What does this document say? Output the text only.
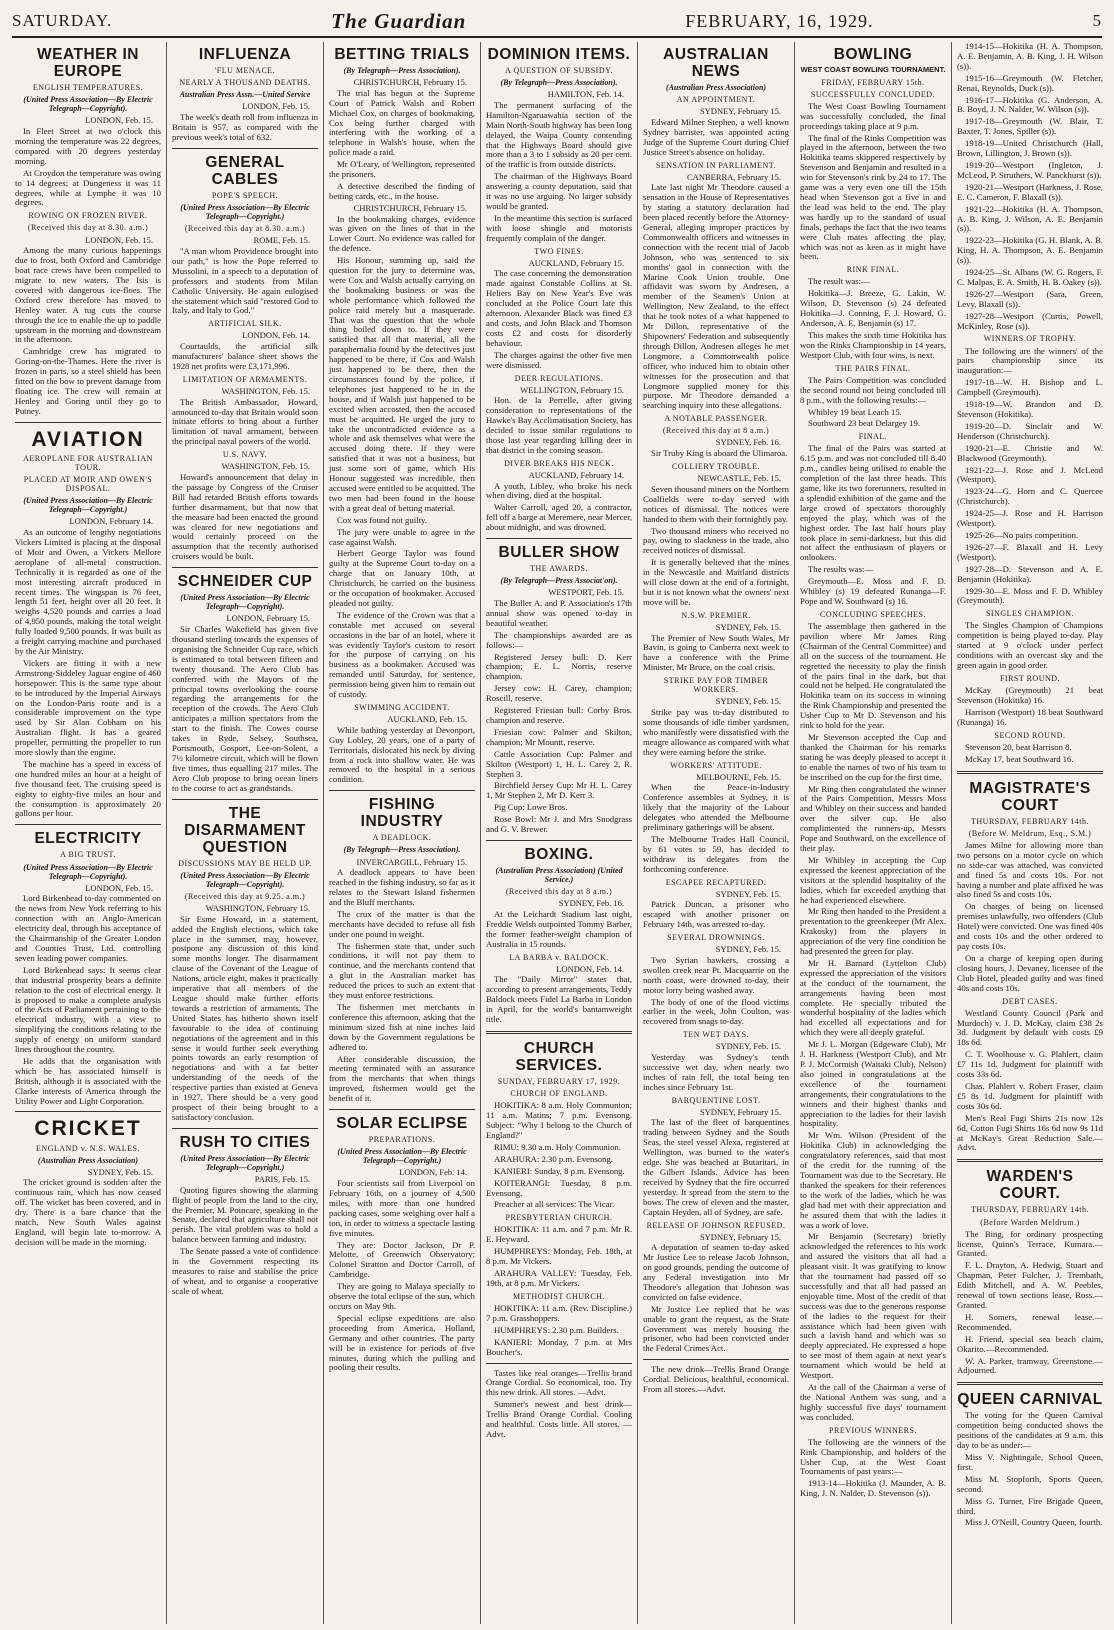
SATURDAY.	The Guardian	FEBRUARY, 16, 1929.	5
WEATHER IN EUROPE
ENGLISH TEMPERATURES.
(United Press Association—By Electric Telegraph—Copyright).
LONDON, Feb. 15.

In Fleet Street at two o'clock this morning the temperature was 22 degrees, compared with 20 degrees yesterday morning.

At Croydon the temperature was owing to 14 degrees; at Dungeness it was 11 degrees, while at Lymphe it was 10 degrees.

ROWING ON FROZEN RIVER.
(Received this day at 8.30. a.m.)
LONDON, Feb. 15.

Among the many curious happenings due to frost, both Oxford and Cambridge boat race crews have been compelled to migrate to new waters. The Isis is covered with dangerous ice-floes. The Oxford crew therefore has moved to Henley water. A tug cuts the course through the ice to enable the up to paddle upstream in the morning and downstream in the afternoon.

Cambridge crew has migrated to Goring-on-the-Thames. Here the river is frozen in parts, so a steel shield has been fitted on the bow to prevent damage from floating ice. The crew will remain at Henley and Goring until they go to Putney.

AVIATION
AEROPLANE FOR AUSTRALIAN TOUR.
PLACED AT MOIR AND OWEN'S DISPOSAL.
(United Press Association—By Electric Telegraph—Copyright.)
LONDON, February 14.

As an outcome of lengthy negotiations Vickers Limited is placing at the disposal of Moir and Owen, a Vickers Mellore aeroplane of all-metal construction. Technically it is regarded as one of the most interesting aircraft produced in recent times. The wingspan is 76 feet, length 51 feet, height over all 20 feet. It weighs 4,520 pounds and carries a load of 4,950 pounds, making the total weight fully loaded 9,500 pounds. It was built as a freight carrying machine and purchased by the Air Ministry.

Vickers are fitting it with a new Armstrong-Siddeley Jaguar engine of 460 horsepower. This is the same type about to be introduced by the Imperial Airways on the London-Paris route and is a considerable improvement on the type used by Sir Alan Cobham on his Australian flight. It has a geared propeller, permitting the propeller to run more slowly than the engine.

The machine has a speed in excess of one hundred miles an hour at a height of five thousand feet. The cruising speed is eighty to eighty-five miles an hour and the consumption is approximately 20 gallons per hour.

ELECTRICITY
A BIG TRUST.
(United Press Association—By Electric Telegraph—Copyright).
LONDON, Feb. 15.

Lord Birkenhead to-day commented on the news from New York referring to his connection with an Anglo-American electricity deal, through his acceptance of the Chairmanship of the Greater London and Counties Trust, Ltd. controlling seven leading power companies.

Lord Birkenhead says: It seems clear that industrial prosperity bears a definite relation to the cost of electrical energy. It is proposed to make a complete analysis of the Acts of Parliament pertaining to the electrical industry, with a view to simplifying the conditions relating to the supply of energy on uniform standard lines throughout the country.

He adds that the organisation with which he has associated himself is British, although it is associated with the Clarke interests of America through the Utility Power and Light Corporation.

CRICKET
ENGLAND v. N.S. WALES.
(Australian Press Association)
SYDNEY, Feb. 15.

The cricket ground is sodden after the continuous rain, which has now ceased off. The wicket has been covered, and in dry. There is a bare chance that the match, New South Wales against England, will begin late to-morrow. A decision will be made in the morning.

INFLUENZA
'FLU MENACE.
NEARLY A THOUSAND DEATHS.
Australian Press Assn.—United Service
LONDON, Feb. 15.

The week's death roll from influenza in Britain is 957, as compared with the previous week's total of 632.

GENERAL CABLES
POPE'S SPEECH.
(United Press Association—By Electric Telegraph—Copyright.)
(Received this day at 8.30. a.m.)
ROME, Feb. 15.

"A man whom Providence brought into our path," is how the Pope referred to Mussolini, in a speech to a deputation of professors and students from Milan Catholic University. He again eulogised the statement which said "restored God to Italy, and Italy to God."

ARTIFICIAL SILK.
LONDON, Feb. 14.

Courtaulds, the artificial silk manufacturers' balance sheet shows the 1928 net profits were £3,171,996.

LIMITATION OF ARMAMENTS.
WASHINGTON, Feb. 15.

The British Ambassador, Howard, announced to-day that Britain would soon initiate efforts to bring about a further limitation of naval armament, between the principal naval powers of the world.

U.S. NAVY.
WASHINGTON, Feb. 15.

Howard's announcement that delay in the passage by Congress of the Cruiser Bill had retarded British efforts towards further disarmament, but that now that the measure had been enacted the ground was cleared for new negotiations and would certainly proceed on the assumption that the recently authorised cruisers would be built.

SCHNEIDER CUP
(United Press Association—By Electric Telegraph—Copyright).
LONDON, February 15.

Sir Charles Wakefield has given five thousand sterling towards the expenses of organising the Schneider Cup race, which is estimated to total between fifteen and twenty thousand. The Aero Club has conferred with the Mayors of the principal towns overlooking the course regarding the arrangements for the reception of the crowds. The Aero Club anticipates a million spectators from the start to the finish. The Cowes course takes in Ryde, Selsey, Southsea, Portsmouth, Gosport, Lee-on-Solent, a 7½ kilometre circuit, which will be flown five times, thus equalling 217 miles. The Aero Club propose to bring ocean liners to the course to act as grandstands.

THE DISARMAMENT QUESTION
DISCUSSIONS MAY BE HELD UP.
(United Press Association—By Electric Telegraph—Copyright).
(Received this day at 9.25. a.m.)
WASHINGTON, February 15.

Sir Esme Howard, in a statement, added the English elections, which take place in the summer, may, however, postpone any discussion of this kind some months longer. The disarmament clause of the Covenant of the League of Nations, article eight, makes it practically imperative that all members of the League should make further efforts towards a restriction of armaments. The United States has hitherto shown itself favourable to the idea of continuing negotiations of the agreement and in this sense it would further seek everything points towards an early resumption of negotiations and with a far better understanding of the needs of the respective parties than existed at Geneva in 1927. There should be a very good prospect of their being brought to a satisfactory conclusion.

RUSH TO CITIES
(United Press Association—By Electric Telegraph—Copyright.)
PARIS, Feb. 15.

Quoting figures showing the alarming flight of people from the land to the city, the Premier, M. Poincare, speaking in the Senate, declared that agriculture shall not perish. The vital problem was to hold a balance between farming and industry.

The Senate passed a vote of confidence in the Government respecting its measures to raise and stabilise the price of wheat, and to organise a cooperative scale of wheat.

BETTING TRIALS
(By Telegraph—Press Association).
CHRISTCHURCH, February 15.

The trial has begun at the Supreme Court of Patrick Walsh and Robert Michael Cox, on charges of bookmaking, Cox being further charged with interfering with the working of a telephone in Walsh's house, when the police made a raid.

Mr O'Leary, of Wellington, represented the prisoners.

A detective described the finding of betting cards, etc., in the house.

CHRISTCHURCH, February 15.

In the bookmaking charges, evidence was given on the lines of that in the Lower Court. No evidence was called for the defence.

His Honour, summing up, said the question for the jury to determine was, were Cox and Walsh actually carrying on the bookmaking business or was the whole performance which followed the police raid merely but a masquerade. That was the question that the whole thing boiled down to. If they were satisfied that all that material, all the paraphernalia found by the detectives just happened to be there, if Cox and Walsh just happened to be there, then the circumstances found by the police, if telephones just happened to be in the house, and if Walsh just happened to be excited when accosted, then the accused must be acquitted. He urged the jury to take the uncontradicted evidence as a whole and ask themselves what were the accused doing there. If they were satisfied that it was not a business, but just some sort of game, which His Honour suggested was incredible, then accused were entitled to be acquitted. The two men had been found in the house with a great deal of betting material.

Cox was found not guilty.

The jury were unable to agree in the case against Walsh.

Herbert George Taylor was found guilty at the Supreme Court to-day on a charge that on January 10th, at Christchurch, he carried on the business or the occupation of bookmaker. Accused pleaded not guilty.

The evidence of the Crown was that a constable met accused on several occasions in the bar of an hotel, where it was evidently Taylor's custom to resort for the purpose of carrying on his business as a bookmaker. Accused was remanded until Saturday, for sentence, permission being given him to remain out of custody.

SWIMMING ACCIDENT.
AUCKLAND, Feb. 15.

While bathing yesterday at Devonport, Guy Lobley, 20 years, one of a party of Territorials, dislocated his neck by diving from a rock into shallow water. He was removed to the hospital in a serious condition.

FISHING INDUSTRY
A DEADLOCK.
(By Telegraph—Press Association).
INVERCARGILL, February 15.

A deadlock appears to have been reached in the fishing industry, so far as it relates to the Stewart Island fishermen and the Bluff merchants.

The crux of the matter is that the merchants have decided to refuse all fish under one pound in weight.

The fishermen state that, under such conditions, it will not pay them to continue, and the merchants contend that a glut in the Australian market has reduced the prices to such an extent that they must enforce restrictions.

The fishermen met merchants in conference this afternoon, asking that the minimum sized fish at nine inches laid down by the Government regulations be adhered to.

After considerable discussion, the meeting terminated with an assurance from the merchants that when things improved, fishermen would get the benefit of it.

SOLAR ECLIPSE
PREPARATIONS.
(United Press Association—By Electric Telegraph—Copyright.)
LONDON, Feb. 14.

Four scientists sail from Liverpool on February 16th, on a journey of 4,500 miles, with more than one hundred packing cases, some weighing over half a ton, in order to witness a spectacle lasting five minutes.

They are: Doctor Jackson, Dr P. Melotte, of Greenwich Observatory; Colonel Stratton and Doctor Carroll, of Cambridge.

They are going to Malaya specially to observe the total eclipse of the sun, which occurs on May 9th.

Special eclipse expeditions are also proceeding from America, Holland, Germany and other countries. The party will be in existence for periods of five minutes, during which the pulling and pooling their results.

DOMINION ITEMS.
A QUESTION OF SUBSIDY.
(By Telegraph—Press Association).
HAMILTON, Feb. 14.

The permanent surfacing of the Hamilton-Ngaruawahia section of the Main North-South highway has been long delayed, the Waipa County contending that the Highways Board should give more than a 3 to 1 subsidy as 20 per cent. of the traffic is from outside districts.

The chairman of the Highways Board answering a county deputation, said that it was no use arguing. No larger subsidy would be granted.

In the meantime this section is surfaced with loose shingle and motorists frequently complain of the danger.

TWO FINES.
AUCKLAND, February 15.

The case concerning the demonstration made against Constable Collins at St. Heliers Bay on New Year's Eve was concluded at the Police Court late this afternoon. Alexander Black was fined £3 and costs, and John Black and Thomson costs £2 and costs for disorderly behaviour.

The charges against the other five men were dismissed.

DEER REGULATIONS.
WELLINGTON, February 15.

Hon. de la Perrelle, after giving consideration to representations of the Hawke's Bay Acclimatisation Society, has decided to issue similar regulations to those last year regarding killing deer in that district in the coming season.

DIVER BREAKS HIS NECK.
AUCKLAND, February 14.

A youth, Libley, who broke his neck when diving, died at the hospital.

Walter Carroll, aged 20, a contractor, fell off a barge at Meremere, near Mercer, about midnight, and was drowned.

BULLER SHOW
THE AWARDS.
(By Telegraph—Press Associat'on).
WESTPORT, Feb. 15.

The Buller A. and P. Association's 17th annual show was opened to-day in beautiful weather.

The championships awarded are as follows:—

Registered Jersey bull: D. Kerr champion; E. L. Norris, reserve champion.

Jersey cow: H. Carey, champion; Roscill, reserve.

Registered Friesian bull: Corby Bros. champion and reserve.

Friesian cow: Palmer and Skilton, champion; Mr Mountt, reserve.

Cattle Association Cup: Palmer and Skilton (Westport) 1, H. L. Carey 2, R. Stephen 3.

Birchfield Jersey Cup: Mr H. L. Carey 1, Mr Stephen 2, Mr D. Kerr 3.

Pig Cup: Lowe Bros.

Rose Bowl: Mr J. and Mrs Snodgrass and G. V. Brewer.

BOXING.
(Australian Press Association) (United Service.)
(Received this day at 8 a.m.)
SYDNEY, Feb. 16.

At the Leichardt Stadium last night, Freddie Welsh outpointed Tommy Barber, the former feather-weight champion of Australia in 15 rounds.

LA BARBA v. BALDOCK.
LONDON, Feb. 14.

The "Daily Mirror" states that, according to present arrangements, Teddy Baldock meets Fidel La Barba in London in April, for the world's bantamweight title.

CHURCH SERVICES.
SUNDAY, FEBRUARY 17, 1929.
CHURCH OF ENGLAND.

HOKITIKA: 8 a.m. Holy Communion; 11 a.m. Matins; 7 p.m. Evensong. Subject: "Why I belong to the Church of England?"

RIMU: 9.30 a.m. Holy Communion.

ARAHURA: 2.30 p.m. Evensong.

KANIERI: Sunday, 8 p.m. Evensong.

KOITERANGI: Tuesday, 8 p.m. Evensong.

Preacher at all services: The Vicar.

PRESBYTERIAN CHURCH.

HOKITIKA: 11 a.m. and 7 p.m. Mr R. E. Heyward.

HUMPHREYS: Monday, Feb. 18th, at 8 p.m. Mr Vickers.

ARAHURA VALLEY: Tuesday, Feb. 19th, at 8 p.m. Mr Vickers.

METHODIST CHURCH.

HOKITIKA: 11 a.m. (Rev. Discipline.) 7 p.m. Grasshoppers.

HUMPHREYS: 2.30 p.m. Builders.

KANIERI: Monday, 7 p.m. at Mrs Boucher's.

Tastes like real oranges—Trellis brand Orange Cordial. So economical, too. Try this new drink. All stores. —Advt.

Summer's newest and best drink—Trellis Brand Orange Cordial. Cooling and healthful. Costs little. All stores. —Advt.

AUSTRALIAN NEWS
(Australian Press Association)
AN APPOINTMENT.
SYDNEY, February 15.

Edward Milner Stephen, a well known Sydney barrister, was appointed acting Judge of the Supreme Court during Chief Justice Street's absence on holiday.

SENSATION IN PARLIAMENT.
CANBERRA, February 15.

Late last night Mr Theodore caused a sensation in the House of Representatives by stating a statutory declaration had been placed recently before the Attorney-General, alleging improper practices by Commonwealth officers and witnesses in connection with the recent trial of Jacob Johnson, who was sentenced to six months' gaol in connection with the Marine Cook Union trouble. One affidavit was sworn by Andresen, a member of the Seamen's Union at Wellington, New Zealand, to the effect that he took notes of a what happened to Mr Dillon, representative of the Shipowners' Federation and subsequently through Dillon, Andresen alleges he met Longmore, a Commonwealth police officer, who induced him to obtain other witnesses for the prosecution and that Longmore supplied money for this purpose. Mr Theodore demanded a searching inquiry into these allegations.

A NOTABLE PASSENGER.
(Received this day at 8 a.m.)
SYDNEY, Feb. 16.

Sir Truby King is aboard the Ulimaroa.

COLLIERY TROUBLE.
NEWCASTLE, Feb. 15.

Seven thousand miners on the Northern Coalfields were to-day served with notices of dismissal. The notices were handed to them with their fortnightly pay.

Two thousand miners who received no pay, owing to slackness in the trade, also received notices of dismissal.

It is generally believed that the mines in the Newcastle and Maitland districts will close down at the end of a fortnight, but it is not known what the owners' next move will be.

N.S.W. PREMIER.
SYDNEY, Feb. 15.

The Premier of New South Wales, Mr Bavin, is going to Canberra next week to have a conference with the Prime Minister, Mr Bruce, on the coal crisis.

STRIKE PAY FOR TIMBER WORKERS.
SYDNEY, Feb. 15.

Strike pay was to-day distributed to some thousands of idle timber yardsmen, who manifestly were dissatisfied with the meagre allowance as compared with what they were earning before the strike.

WORKERS' ATTITUDE.
MELBOURNE, Feb. 15.

When the Peace-in-Industry Conference assembles at Sydney, it is likely that the majority of the Labour delegates who attended the Melbourne preliminary gatherings will be absent.

The Melbourne Trades Hall Council, by 61 votes to 59, has decided to withdraw its delegates from the forthcoming conference.

ESCAPEE RECAPTURED.
SYDNEY, Feb. 15.

Patrick Duncan, a prisoner who escaped with another prisoner on February 14th, was arrested to-day.

SEVERAL DROWNINGS.
SYDNEY, Feb. 15.

Two Syrian hawkers, crossing a swollen creek near Pt. Macquarrie on the north coast, were drowned to-day, their motor lorry being washed away.

The body of one of the flood victims earlier in the week, John Coulton, was recovered from snags to-day.

TEN WET DAYS.
SYDNEY, Feb. 15.

Yesterday was Sydney's tenth successive wet day, when nearly two inches of rain fell, the total being ten inches since February 1st.

BARQUENTINE LOST.
SYDNEY, February 15.

The last of the fleet of barquentines trading between Sydney and the South Seas, the steel vessel Alexa, registered at Wellington, was burned to the water's edge. She was beached at Butaritari, in the Gilbert Islands. Advice has been received by Sydney that the fire occurred yesterday. It spread from the stern to the bows. The crew of eleven and the master, Captain Heyden, all of Sydney, are safe.

RELEASE OF JOHNSON REFUSED.
SYDNEY, February 15.

A deputation of seamen to-day asked Mr Justice Lee to release Jacob Johnson, on good grounds, pending the outcome of any Federal investigation into Mr Theodore's allegation that Johnson was convicted on false evidence.

Mr Justice Lee replied that he was unable to grant the request, as the State Government was merely housing the prisoner, who had been convicted under the Federal Crimes Act.

The new drink—Trellis Brand Orange Cordial. Delicious, healthful, economical. From all stores.—Advt.

BOWLING
WEST COAST BOWLING TOURNAMENT.
FRIDAY, FEBRUARY 15th.
SUCCESSFULLY CONCLUDED.

The West Coast Bowling Tournament was successfully concluded, the final proceedings taking place at 9 p.m.

The final of the Rinks Competition was played in the afternoon, between the two Hokitika teams skippered respectively by Stevenson and Benjamin and resulted in a win for Stevenson's rink by 24 to 17. The game was a very even one till the 15th head when Stevenson got a five in and the lead was held to the end. The play was hardly up to the standard of usual finals, perhaps the fact that the two teams were Club mates affecting the play, which was not as keen as it might have been.

RINK FINAL.

The result was:—

Hokitika—J. Breeze, G. Lakin, W. Wilson, D. Stevenson (s) 24 defeated Hokitika—J. Conning, F. J. Howard, G. Anderson, A. E. Benjamin (s) 17.

This makes the sixth time Hokitika has won the Rinks Championship in 14 years, Westport Club, with four wins, is next.

THE PAIRS FINAL.

The Pairs Competition was concluded the second round not being concluded till 8 p.m., with the following results:—

Whibley 19 beat Leach 15.

Southward 23 beat Delargey 19.

FINAL.

The final of the Pairs was started at 6.15 p.m. and was not concluded till 8.40 p.m., candles being utilised to enable the completion of the last three heads. This game, like its two forerunners, resulted in a splendid exhibition of the game and the large crowd of spectators thoroughly enjoyed the play, which was of the highest order. The last half hours play took place in semi-darkness, but this did not affect the enthusiasm of players or onlookers.

The results was:—

Greymouth—E. Moss and F. D. Whibley (s) 19 defeated Runanga—F. Pope and W. Southward (s) 16.

CONCLUDING SPEECHES.

The assemblage then gathered in the pavilion where Mr James Ring (Chairman of the Central Committee) and all on the success of the tournament. He regretted the necessity to play the finish of the pairs final in the dark, but that could not be helped. He congratulated the Hokitika team on its success in winning the Rink Championship and presented the Usher Cup to Mr D. Stevenson and his rink to hold for the year.

Mr Stevenson accepted the Cup and thanked the Chairman for his remarks stating he was deeply pleased to accept it to enable the names of two of his team to be inscribed on the cup for the first time.

Mr Ring then congratulated the winner of the Pairs Competition, Messrs Moss and Whibley on their success and handed over the silver cup. He also complimented the runners-up, Messrs Pope and Southward, on the excellence of their play.

Mr Whibley in accepting the Cup expressed the keenest appreciation of the visitors at the splendid hospitality of the ladies, which far exceeded anything that he had experienced elsewhere.

Mr Ring then handed to the President a presentation to the greenkeeper (Mr Alex. Krakosky) from the players in appreciation of the very fine condition he had presented the green for play.

Mr H. Barnard (Lyttelton Club) expressed the appreciation of the visitors at the conduct of the tournament, the arrangements having been most complete. He specially tributed the wonderful hospitality of the ladies which had excelled all expectations and for which they were all deeply grateful.

Mr J. L. Morgan (Edgeware Club), Mr J. H. Harkness (Westport Club), and Mr P. J. McCormish (Waitaki Club), Nelson) also joined in congratulations at the excellence of the tournament arrangements, their congratulations to the winners and their highest thanks and appreciation to the ladies for their lavish hospitality.

Mr Wm. Wilson (President of the Hokitika Club) in acknowledging the congratulatory references, said that most of the credit for the running of the Tournament was due to the Secretary. He thanked the speakers for their references to the work of the ladies, which he was glad had met with their appreciation and he assured them that with the ladies it was a work of love.

Mr Benjamin (Secretary) briefly acknowledged the references to his work and assured the visitors that all had a pleasant visit. It was gratifying to know that the tournament had passed off so successfully and that all had passed an enjoyable time. Most of the credit of that success was due to the generous response of the ladies to the request for their assistance which had been given with such a lavish hand and which was so deeply appreciated. He expressed a hope to see most of them again at next year's tournament which would be held at Westport.

At the call of the Chairman a verse of the National Anthem was sung, and a highly successful five days' tournament was concluded.

PREVIOUS WINNERS.

The following are the winners of the Rink Championship, and holders of the Usher Cup, at the West Coast Tournaments of past years:—

1913-14—Hokitika (J. Maunder, A. B. King, J. N. Nalder, D. Stevenson (s)).

1914-15—Hokitika (H. A. Thompson, A. E. Benjamin, A. B. King, J. H. Wilson (s)).

1915-16—Greymouth (W. Fletcher, Renai, Reynolds, Duck (s)).

1916-17—Hokitika (G. Anderson, A. B. Boyd, J. N. Nalder, W. Wilson (s)).

1917-18—Greymouth (W. Blair, T. Baxter, T. Jones, Spiller (s)).

1918-19—United Christchurch (Hall, Brown, Lillington, J. Brown (s)).

1919-20—Westport (Ingleton, J. McLeod, P. Struthers, W. Panckhurst (s)).

1920-21—Westport (Harkness, J. Rose, E. C. Cameron, F. Blaxall (s)).

1921-22—Hokitika (H. A. Thompson, A. B. King, J. Wilson, A. E. Benjamin (s)).

1922-23—Hokitika (G. H. Blank, A. B. King, H. A. Thompson, A. E. Benjamin (s)).

1924-25—St. Albans (W. G. Rogers, F. C. Malpas, E. A. Smith, H. B. Oakey (s)).

1926-27—Westport (Sara, Green, Levy, Blaxall (s)).

1927-28—Westport (Curtis, Powell, McKinley, Rose (s)).

WINNERS OF TROPHY.

The following are the winners' of the pairs championship since its inauguration:—

1917-18—W. H. Bishop and L. Campbell (Greymouth).

1918-19—W. Brandon and D. Stevenson (Hokitika).

1919-20—D. Sinclair and W. Henderson (Christchurch).

1920-21—E. Christie and W. Blackwood (Greymouth).

1921-22—J. Rose and J. McLeod (Westport).

1923-24—G. Horn and C. Quercee (Christchurch).

1924-25—J. Rose and H. Harrison (Westport).

1925-26—No pairs competition.

1926-27—F. Blaxall and H. Levy (Westport).

1927-28—D. Stevenson and A. E. Benjamin (Hokitika).

1929-30—E. Moss and F. D. Whibley (Greymouth).

SINGLES CHAMPION.

The Singles Champion of Champions competition is being played to-day. Play started at 9 o'clock under perfect conditions with an overcast sky and the green again in good order.

FIRST ROUND.

McKay (Greymouth) 21 beat Stevenson (Hokitika) 16.

Harrison (Westport) 18 beat Southward (Runanga) 16.

SECOND ROUND.

Stevenson 20, beat Harrison 8.

McKay 17, beat Southward 16.

MAGISTRATE'S COURT
THURSDAY, FEBRUARY 14th.
(Before W. Meldrum, Esq., S.M.)

James Milne for allowing more than two persons on a motor cycle on which no side-car was attached, was convicted and fined 5s and costs 10s. For not having a number and plate affixed he was also fined 5s and costs 10s.

On charges of being on licensed premises unlawfully, two offenders (Club Hotel) were convicted. One was fined 40s and costs 10s and the other ordered to pay costs 10s.

On a charge of keeping open during closing hours, J. Devaney, licensee of the Club Hotel, pleaded guilty and was fined 40s and costs 10s.

DEBT CASES.

Westland County Council (Park and Murdoch) v. J. D. McKay, claim £38 2s 3d. Judgment by default with costs £9 18s 6d.

C. T. Woolhouse v. G. Plahlert, claim £7 11s 1d. Judgment for plaintiff with costs 33s 6d.

Chas. Plahlert v. Robert Fraser, claim £5 8s 1d. Judgment for plaintiff with costs 30s 6d.

Men's Real Fugi Shirts 21s now 12s 6d, Cotton Fugi Shirts 16s 6d now 9s 11d at McKay's Great Reduction Sale.—Advt.

WARDEN'S COURT.
THURSDAY, FEBRUARY 14th.
(Before Warden Meldrum.)

The Bing, for ordinary prospecting license, Quinn's Terrace, Kumara.—Granted.

F. L. Drayton, A. Hedwig, Stuart and Chapman, Peter Fulcher, J. Trembath, Edith Mitchell, and A. W. Peebles, renewal of town sections lease, Ross.—Granted.

H. Somers, renewal lease.—Recommended.

H. Friend, special sea beach claim, Okarito.—Recommended.

W. A. Parker, tramway, Greenstone.—Adjourned.

QUEEN CARNIVAL

The voting for the Queen Carnival competition being conducted shows the positions of the candidates at 9 a.m. this day to be as under:—

Miss V. Nightingale, School Queen, first.

Miss M. Stopforth, Sports Queen, second.

Miss G. Turner, Fire Brigade Queen, third.

Miss J. O'Neill, Country Queen, fourth.
